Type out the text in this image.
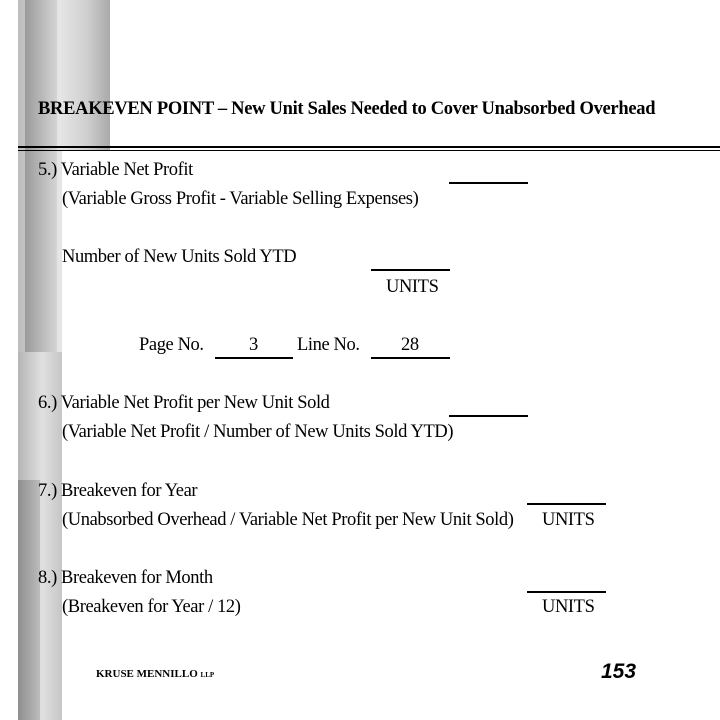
BREAKEVEN POINT – New Unit Sales Needed to Cover Unabsorbed Overhead
5.) Variable Net Profit
(Variable Gross Profit - Variable Selling Expenses)
Number of New Units Sold YTD
UNITS
Page No. 3 Line No. 28
6.) Variable Net Profit per New Unit Sold
(Variable Net Profit / Number of New Units Sold YTD)
7.) Breakeven for Year
(Unabsorbed Overhead / Variable Net Profit per New Unit Sold) UNITS
8.) Breakeven for Month
(Breakeven for Year / 12)	UNITS
KRUSE MENNILLO LLP	153
